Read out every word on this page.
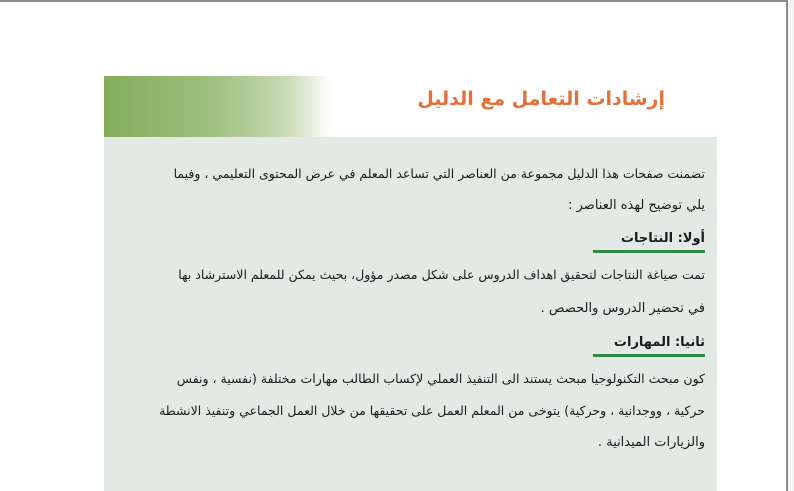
إرشادات التعامل مع الدليل
تضمنت صفحات هذا الدليل مجموعة من العناصر التي تساعد المعلم في عرض المحتوى التعليمي ، وفيما
يلي توضيح لهذه العناصر :
أولا: النتاجات
تمت صياغة النتاجات لتحقيق اهداف الدروس على شكل مصدر مؤول، بحيث يمكن للمعلم الاسترشاد بها
في تحضير الدروس والحصص .
ثانيا: المهارات
كون مبحث التكنولوجيا مبحث يستند الى التنفيذ العملي لإكساب الطالب مهارات مختلفة (نفسية ، ونفس
حركية ، ووجدانية ، وحركية) يتوخى من المعلم العمل على تحقيقها من خلال العمل الجماعي وتنفيذ الانشطة
والزيارات الميدانية .
